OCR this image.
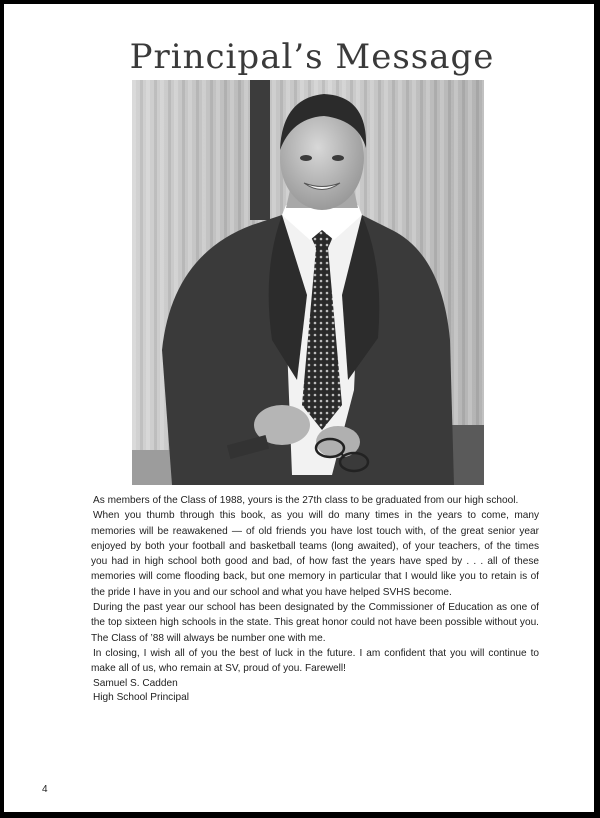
Principal’s Message

As members of the Class of 1988, yours is the 27th class to be graduated from our high school.

When you thumb through this book, as you will do many times in the years to come, many memories will be reawakened — of old friends you have lost touch with, of the great senior year enjoyed by both your football and basketball teams (long awaited), of your teachers, of the times you had in high school both good and bad, of how fast the years have sped by . . . all of these memories will come flooding back, but one memory in particular that I would like you to retain is of the pride I have in you and our school and what you have helped SVHS become.

During the past year our school has been designated by the Commissioner of Education as one of the top sixteen high schools in the state. This great honor could not have been possible without you. The Class of ’88 will always be number one with me.

In closing, I wish all of you the best of luck in the future. I am confident that you will continue to make all of us, who remain at SV, proud of you. Farewell!

Samuel S. Cadden

High School Principal

4
